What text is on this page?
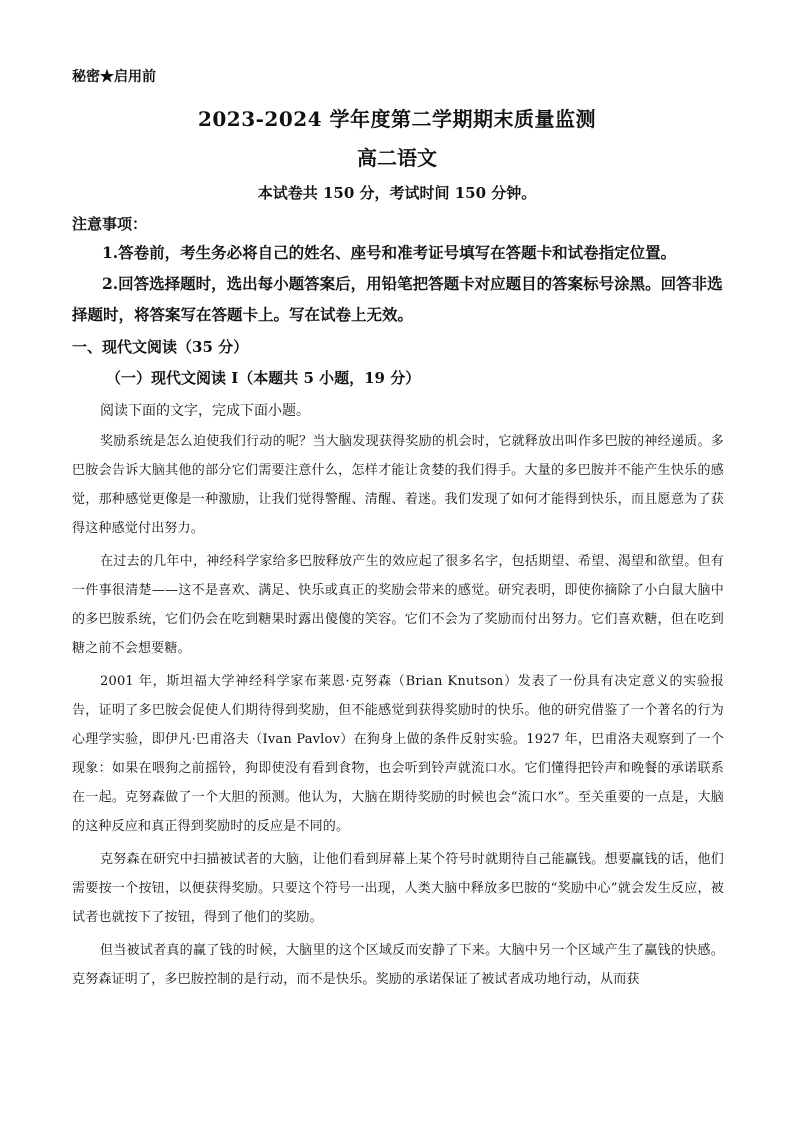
秘密★启用前
2023-2024 学年度第二学期期末质量监测
高二语文
本试卷共 150 分，考试时间 150 分钟。
注意事项：

1.答卷前，考生务必将自己的姓名、座号和准考证号填写在答题卡和试卷指定位置。

2.回答选择题时，选出每小题答案后，用铅笔把答题卡对应题目的答案标号涂黑。回答非选择题时，将答案写在答题卡上。写在试卷上无效。

一、现代文阅读（35 分）
（一）现代文阅读 I（本题共 5 小题，19 分）
阅读下面的文字，完成下面小题。

奖励系统是怎么迫使我们行动的呢？当大脑发现获得奖励的机会时，它就释放出叫作多巴胺的神经递质。多巴胺会告诉大脑其他的部分它们需要注意什么，怎样才能让贪婪的我们得手。大量的多巴胺并不能产生快乐的感觉，那种感觉更像是一种激励，让我们觉得警醒、清醒、着迷。我们发现了如何才能得到快乐，而且愿意为了获得这种感觉付出努力。

在过去的几年中，神经科学家给多巴胺释放产生的效应起了很多名字，包括期望、希望、渴望和欲望。但有一件事很清楚——这不是喜欢、满足、快乐或真正的奖励会带来的感觉。研究表明，即使你摘除了小白鼠大脑中的多巴胺系统，它们仍会在吃到糖果时露出傻傻的笑容。它们不会为了奖励而付出努力。它们喜欢糖，但在吃到糖之前不会想要糖。

2001 年，斯坦福大学神经科学家布莱恩·克努森（Brian Knutson）发表了一份具有决定意义的实验报告，证明了多巴胺会促使人们期待得到奖励，但不能感觉到获得奖励时的快乐。他的研究借鉴了一个著名的行为心理学实验，即伊凡·巴甫洛夫（Ivan Pavlov）在狗身上做的条件反射实验。1927 年，巴甫洛夫观察到了一个现象：如果在喂狗之前摇铃，狗即使没有看到食物，也会听到铃声就流口水。它们懂得把铃声和晚餐的承诺联系在一起。克努森做了一个大胆的预测。他认为，大脑在期待奖励的时候也会“流口水”。至关重要的一点是，大脑的这种反应和真正得到奖励时的反应是不同的。

克努森在研究中扫描被试者的大脑，让他们看到屏幕上某个符号时就期待自己能赢钱。想要赢钱的话，他们需要按一个按钮，以便获得奖励。只要这个符号一出现，人类大脑中释放多巴胺的“奖励中心”就会发生反应，被试者也就按下了按钮，得到了他们的奖励。

但当被试者真的赢了钱的时候，大脑里的这个区域反而安静了下来。大脑中另一个区域产生了赢钱的快感。克努森证明了，多巴胺控制的是行动，而不是快乐。奖励的承诺保证了被试者成功地行动，从而获
